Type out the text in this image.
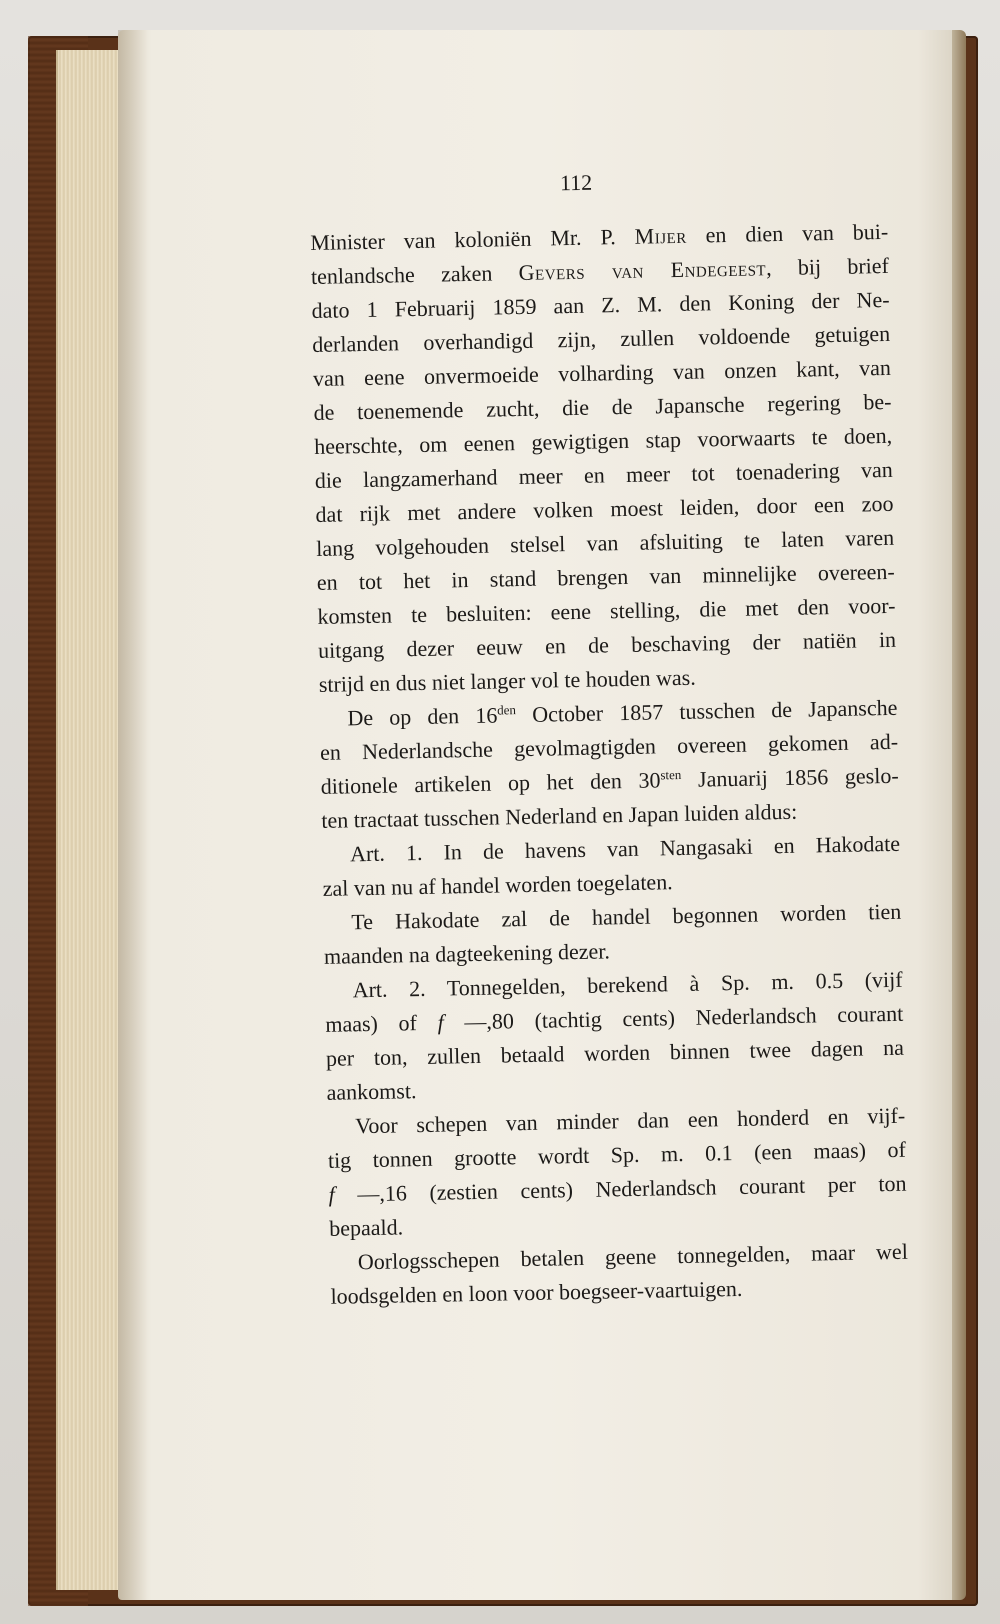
112
Minister van koloniën Mr. P. Mijer en dien van bui-
tenlandsche zaken Gevers van Endegeest, bij brief
dato 1 Februarij 1859 aan Z. M. den Koning der Ne-
derlanden overhandigd zijn, zullen voldoende getuigen
van eene onvermoeide volharding van onzen kant, van
de toenemende zucht, die de Japansche regering be-
heerschte, om eenen gewigtigen stap voorwaarts te doen,
die langzamerhand meer en meer tot toenadering van
dat rijk met andere volken moest leiden, door een zoo
lang volgehouden stelsel van afsluiting te laten varen
en tot het in stand brengen van minnelijke overeen-
komsten te besluiten: eene stelling, die met den voor-
uitgang dezer eeuw en de beschaving der natiën in
strijd en dus niet langer vol te houden was.
De op den $16^{den}$ October 1857 tusschen de Japansche
en Nederlandsche gevolmagtigden overeen gekomen ad-
ditionele artikelen op het den $30^{sten}$ Januarij 1856 geslo-
ten tractaat tusschen Nederland en Japan luiden aldus:
Art. 1. In de havens van Nangasaki en Hakodate
zal van nu af handel worden toegelaten.
Te Hakodate zal de handel begonnen worden tien
maanden na dagteekening dezer.
Art. 2. Tonnegelden, berekend à Sp. m. 0.5 (vijf
maas) of f —,80 (tachtig cents) Nederlandsch courant
per ton, zullen betaald worden binnen twee dagen na
aankomst.
Voor schepen van minder dan een honderd en vijf-
tig tonnen grootte wordt Sp. m. 0.1 (een maas) of
f —,16 (zestien cents) Nederlandsch courant per ton
bepaald.
Oorlogsschepen betalen geene tonnegelden, maar wel
loodsgelden en loon voor boegseer-vaartuigen.
